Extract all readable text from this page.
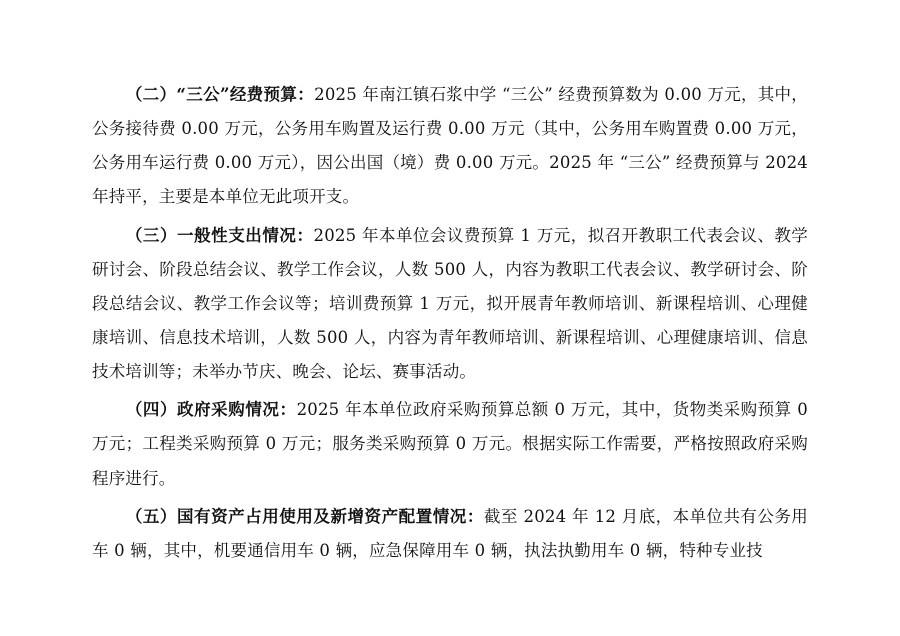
（二）“三公”经费预算：2025 年南江镇石浆中学 “三公” 经费预算数为 0.00 万元，其中，公务接待费 0.00 万元，公务用车购置及运行费 0.00 万元（其中，公务用车购置费 0.00 万元，公务用车运行费 0.00 万元），因公出国（境）费 0.00 万元。2025 年 “三公” 经费预算与 2024 年持平，主要是本单位无此项开支。

（三）一般性支出情况：2025 年本单位会议费预算 1 万元，拟召开教职工代表会议、教学研讨会、阶段总结会议、教学工作会议，人数 500 人，内容为教职工代表会议、教学研讨会、阶段总结会议、教学工作会议等；培训费预算 1 万元，拟开展青年教师培训、新课程培训、心理健康培训、信息技术培训，人数 500 人，内容为青年教师培训、新课程培训、心理健康培训、信息技术培训等；未举办节庆、晚会、论坛、赛事活动。

（四）政府采购情况：2025 年本单位政府采购预算总额 0 万元，其中，货物类采购预算 0 万元；工程类采购预算 0 万元；服务类采购预算 0 万元。根据实际工作需要，严格按照政府采购程序进行。

（五）国有资产占用使用及新增资产配置情况：截至 2024 年 12 月底，本单位共有公务用车 0 辆，其中，机要通信用车 0 辆，应急保障用车 0 辆，执法执勤用车 0 辆，特种专业技
